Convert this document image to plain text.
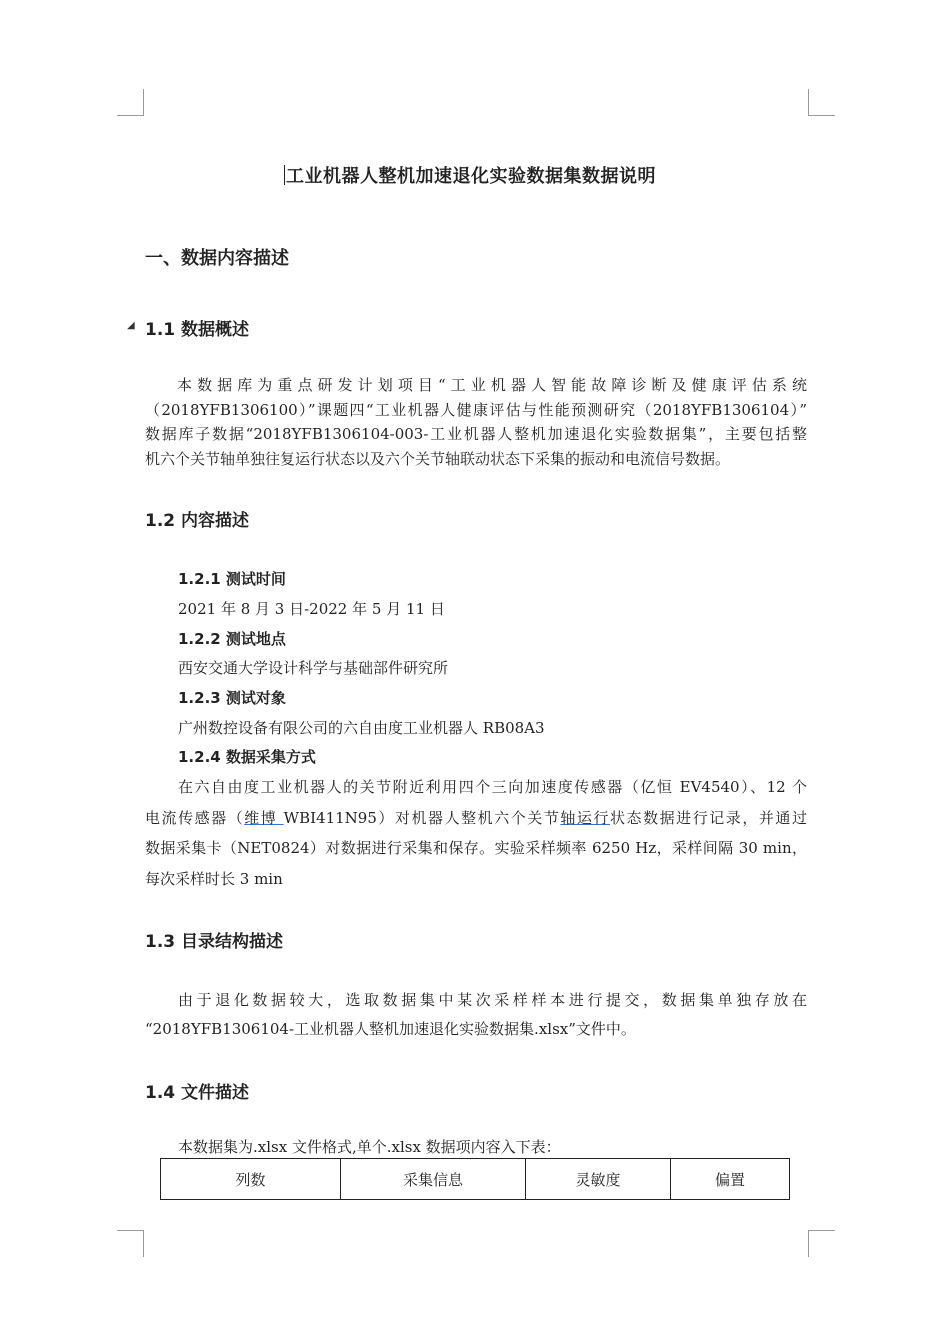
工业机器人整机加速退化实验数据集数据说明
一、数据内容描述
◢ 1.1 数据概述
本数据库为重点研发计划项目“工业机器人智能故障诊断及健康评估系统
（2018YFB1306100）”课题四“工业机器人健康评估与性能预测研究（2018YFB1306104）”
数据库子数据“2018YFB1306104-003-工业机器人整机加速退化实验数据集”，主要包括整
机六个关节轴单独往复运行状态以及六个关节轴联动状态下采集的振动和电流信号数据。
1.2 内容描述
1.2.1 测试时间
2021 年 8 月 3 日-2022 年 5 月 11 日
1.2.2 测试地点
西安交通大学设计科学与基础部件研究所
1.2.3 测试对象
广州数控设备有限公司的六自由度工业机器人 RB08A3
1.2.4 数据采集方式
在六自由度工业机器人的关节附近利用四个三向加速度传感器（亿恒 EV4540）、12 个
电流传感器（维博 WBI411N95）对机器人整机六个关节轴运行状态数据进行记录，并通过
数据采集卡（NET0824）对数据进行采集和保存。实验采样频率 6250 Hz，采样间隔 30 min，
每次采样时长 3 min
1.3 目录结构描述
由于退化数据较大，选取数据集中某次采样样本进行提交，数据集单独存放在
“2018YFB1306104-工业机器人整机加速退化实验数据集.xlsx”文件中。
1.4 文件描述
本数据集为.xlsx 文件格式,单个.xlsx 数据项内容入下表：
列数	采集信息	灵敏度	偏置
